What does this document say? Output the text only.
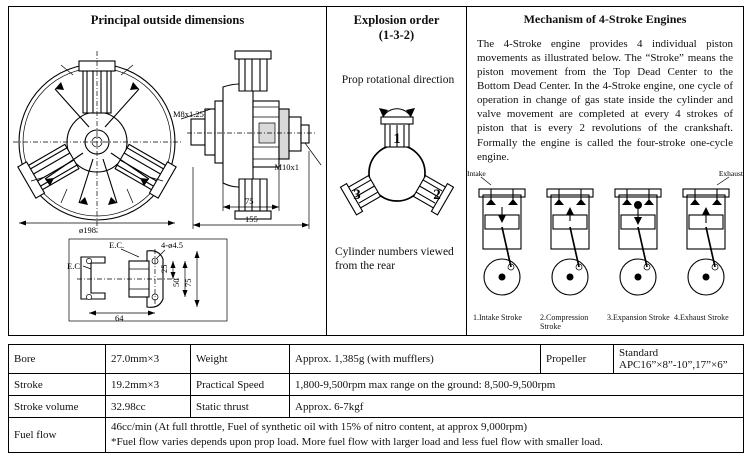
Principal outside dimensions
ø198
75
155
E.C.
E.C.
4-ø4.5
25
50 75
64
M8x1.25
M10x1
Explosion order
(1-3-2)
Prop rotational direction
1
2
3
Cylinder numbers viewed from the rear
Mechanism of 4-Stroke Engines
The 4-Stroke engine provides 4 individual piston movements as illustrated below. The “Stroke” means the piston movement from the Top Dead Center to the Bottom Dead Center. In the 4-Stroke engine, one cycle of operation in change of gas state inside the cylinder and valve movement are completed at every 4 strokes of piston that is every 2 revolutions of the crankshaft. Formally the engine is called the four-stroke one-cycle engine.
Intake	Exhaust
1.Intake Stroke	2.Compression Stroke
3.Expansion Stroke 4.Exhaust Stroke
Bore	27.0mm×3	Weight	Approx. 1,385g (with mufflers)	Propeller	Standard APC16”×8”-10”,17”×6”
Stroke	19.2mm×3	Practical Speed	1,800-9,500rpm max range on the ground: 8,500-9,500rpm		
Stroke volume	32.98cc	Static thrust	Approx. 6-7kgf		
Fuel flow	46cc/min (At full throttle, Fuel of synthetic oil with 15% of nitro content, at approx 9,000rpm)
*Fuel flow varies depends upon prop load. More fuel flow with larger load and less fuel flow with smaller load.				
